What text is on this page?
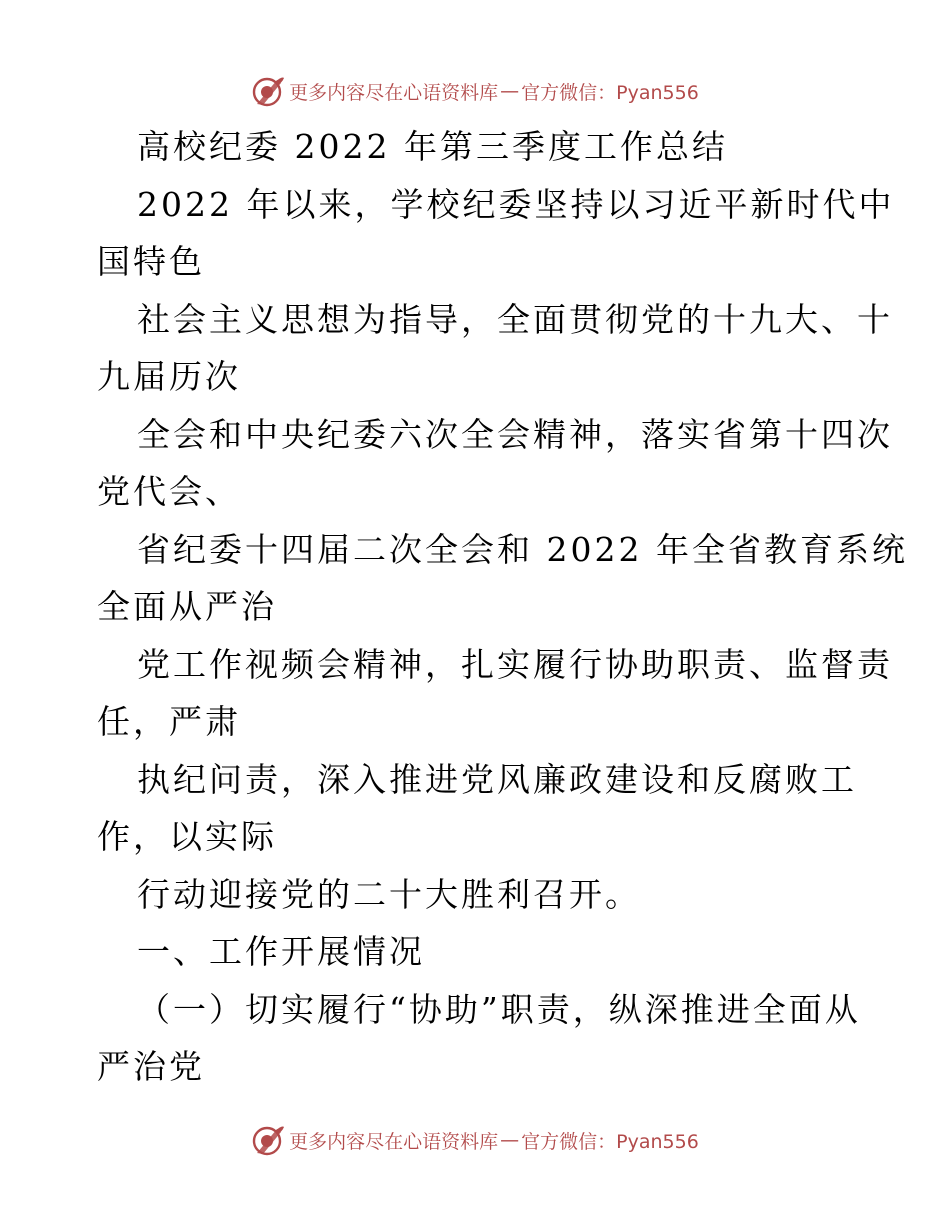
更多内容尽在心语资料库 — 官方微信：Pyan556
高校纪委 2022 年第三季度工作总结
2022 年以来，学校纪委坚持以习近平新时代中
国特色
社会主义思想为指导，全面贯彻党的十九大、十
九届历次
全会和中央纪委六次全会精神，落实省第十四次
党代会、
省纪委十四届二次全会和 2022 年全省教育系统
全面从严治
党工作视频会精神，扎实履行协助职责、监督责
任，严肃
执纪问责，深入推进党风廉政建设和反腐败工
作，以实际
行动迎接党的二十大胜利召开。
一、工作开展情况
（一）切实履行“协助”职责，纵深推进全面从
严治党
更多内容尽在心语资料库 — 官方微信：Pyan556
